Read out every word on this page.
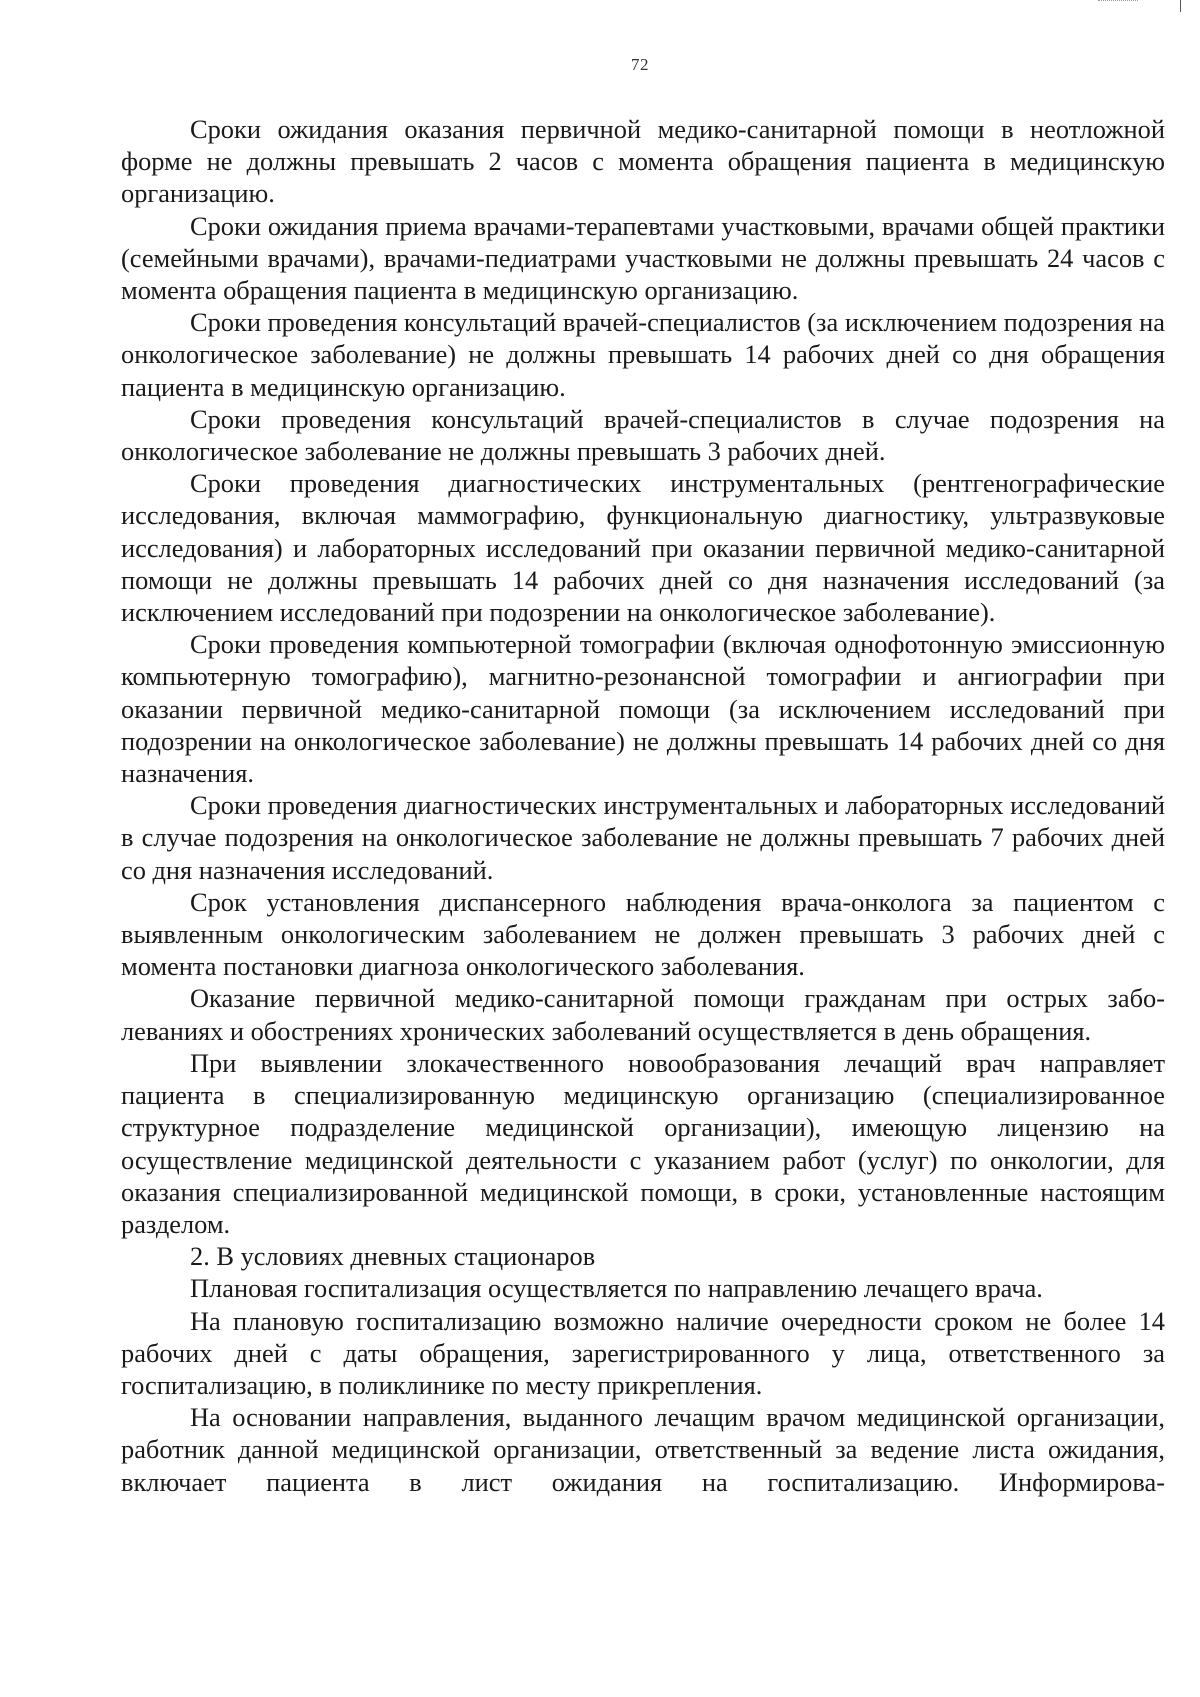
72

Сроки ожидания оказания первичной медико-санитарной помощи в неотложной форме не должны превышать 2 часов с момента обращения пациента в медицинскую организацию.

Сроки ожидания приема врачами-терапевтами участковыми, врачами общей практики (семейными врачами), врачами-педиатрами участковыми не должны превышать 24 часов с момента обращения пациента в медицинскую организацию.

Сроки проведения консультаций врачей-специалистов (за исключением подозрения на онкологическое заболевание) не должны превышать 14 рабочих дней со дня обращения пациента в медицинскую организацию.

Сроки проведения консультаций врачей-специалистов в случае подозрения на онкологическое заболевание не должны превышать 3 рабочих дней.

Сроки проведения диагностических инструментальных (рентгенографические исследования, включая маммографию, функциональную диагностику, ультразвуковые исследования) и лабораторных исследований при оказании первичной медико-санитарной помощи не должны превышать 14 рабочих дней со дня назначения исследований (за исключением исследований при подозрении на онкологическое заболевание).

Сроки проведения компьютерной томографии (включая однофотонную эмиссионную компьютерную томографию), магнитно-резонансной томографии и ангиографии при оказании первичной медико-санитарной помощи (за исключением исследований при подозрении на онкологическое заболевание) не должны превышать 14 рабочих дней со дня назначения.

Сроки проведения диагностических инструментальных и лабораторных исследований в случае подозрения на онкологическое заболевание не должны превышать 7 рабочих дней со дня назначения исследований.

Срок установления диспансерного наблюдения врача-онколога за пациентом с выявленным онкологическим заболеванием не должен превышать 3 рабочих дней с момента постановки диагноза онкологического заболевания.

Оказание первичной медико-санитарной помощи гражданам при острых заболеваниях и обострениях хронических заболеваний осуществляется в день обращения.

При выявлении злокачественного новообразования лечащий врач направляет пациента в специализированную медицинскую организацию (специализированное структурное подразделение медицинской организации), имеющую лицензию на осуществление медицинской деятельности с указанием работ (услуг) по онкологии, для оказания специализированной медицинской помощи, в сроки, установленные настоящим разделом.

2. В условиях дневных стационаров

Плановая госпитализация осуществляется по направлению лечащего врача.

На плановую госпитализацию возможно наличие очередности сроком не более 14 рабочих дней с даты обращения, зарегистрированного у лица, ответственного за госпитализацию, в поликлинике по месту прикрепления.

На основании направления, выданного лечащим врачом медицинской организации, работник данной медицинской организации, ответственный за ведение листа ожидания, включает пациента в лист ожидания на госпитализацию. Информирова-
